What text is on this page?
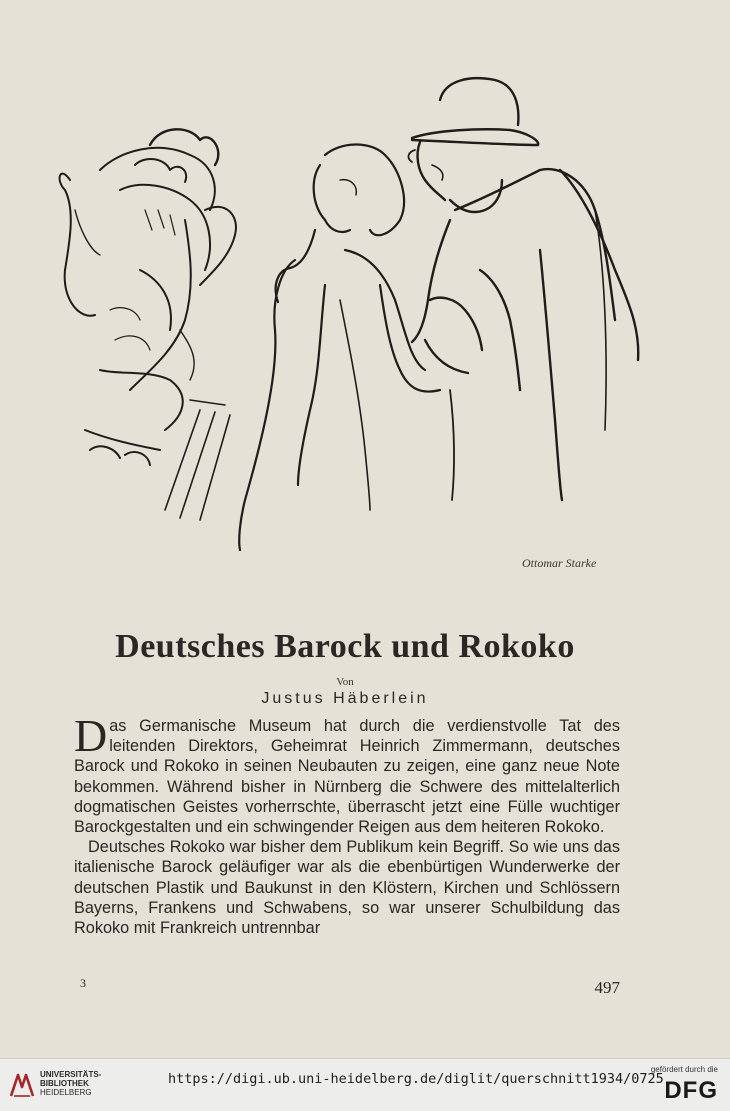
Ottomar Starke
Deutsches Barock und Rokoko
Von
Justus Häberlein

Das Germanische Museum hat durch die verdienstvolle Tat des leitenden Direktors, Geheimrat Heinrich Zimmermann, deutsches Barock und Rokoko in seinen Neubauten zu zeigen, eine ganz neue Note bekommen. Während bisher in Nürnberg die Schwere des mittelalterlich dogmatischen Geistes vorherrschte, überrascht jetzt eine Fülle wuchtiger Barockgestalten und ein schwingender Reigen aus dem heiteren Rokoko.

Deutsches Rokoko war bisher dem Publikum kein Begriff. So wie uns das italienische Barock geläufiger war als die ebenbürtigen Wunderwerke der deutschen Plastik und Baukunst in den Klöstern, Kirchen und Schlössern Bayerns, Frankens und Schwabens, so war unserer Schulbildung das Rokoko mit Frankreich untrennbar

3	497
UNIVERSITÄTS-
BIBLIOTHEK
HEIDELBERG
https://digi.ub.uni-heidelberg.de/diglit/querschnitt1934/0725
gefördert durch die
DFG
